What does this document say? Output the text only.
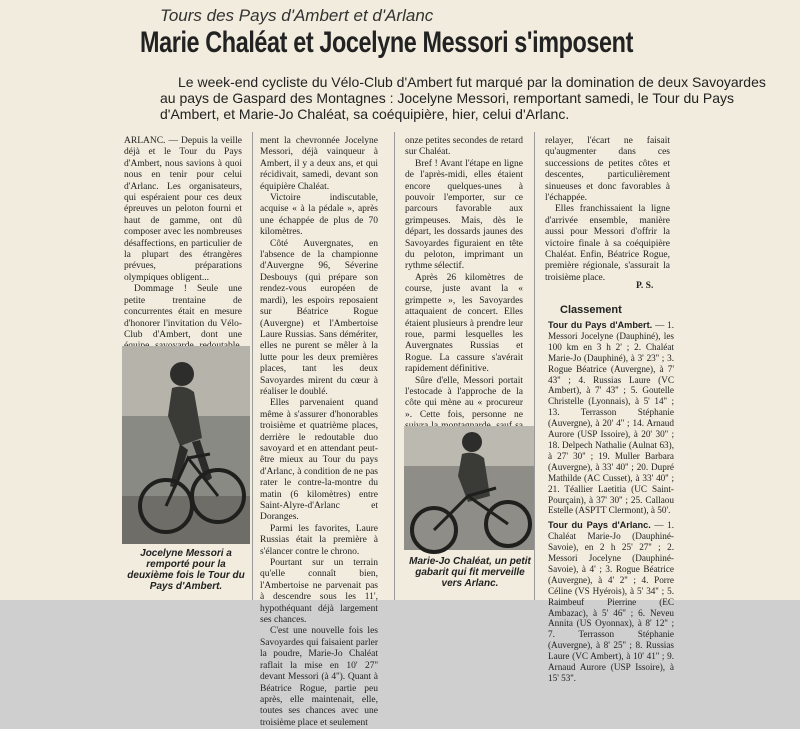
Tours des Pays d'Ambert et d'Arlanc
Marie Chaléat et Jocelyne Messori s'imposent
Le week-end cycliste du Vélo-Club d'Ambert fut marqué par la domination de deux Savoyardes au pays de Gaspard des Montagnes : Jocelyne Messori, remportant samedi, le Tour du Pays d'Ambert, et Marie-Jo Chaléat, sa coéquipière, hier, celui d'Arlanc.

ARLANC. — Depuis la veille déjà et le Tour du Pays d'Ambert, nous savions à quoi nous en tenir pour celui d'Arlanc. Les organisateurs, qui espéraient pour ces deux épreuves un peloton fourni et haut de gamme, ont dû composer avec les nombreuses désaffections, en particulier de la plupart des étrangères prévues, préparations olympiques obligent...

Dommage ! Seule une petite trentaine de concurrentes était en mesure d'honorer l'invitation du Vélo-Club d'Ambert, dont une

ment la chevronnée Jocelyne Messori, déjà vainqueur à Ambert, il y a deux ans, et qui récidivait, samedi, devant son équipière Chaléat.

Victoire indiscutable, acquise « à la pédale », après une échappée de plus de 70 kilomètres.

Côté Auvergnates, en l'absence de la championne d'Auvergne 96, Séverine Desbouys (qui prépare son rendez-vous européen de mardi), les espoirs reposaient sur Béatrice Rogue (Auvergne) et l'Ambertoise Laure Russias. Sans démériter, elles ne purent se mêler à la lutte pour les deux premières places, tant les deux Savoyardes mirent du cœur à réaliser le doublé.

Elles parvenaient quand même à s'assurer d'honorables troisième et quatrième places, derrière le redoutable duo savoyard et en attendant peut-être mieux au Tour du pays d'Arlanc, à condition de ne pas rater le contre-la-montre du matin (6 kilomètres) entre Saint-Alyre-d'Arlanc et Doranges.

Parmi les favorites, Laure Russias était la première à s'élancer contre le chrono.

Pourtant sur un terrain qu'elle connaît bien, l'Ambertoise ne parvenait pas à descendre sous les 11', hypothéquant déjà largement ses chances.

C'est une nouvelle fois les Savoyardes qui faisaient parler la poudre, Marie-Jo Chaléat raflait la mise en 10' 27'' devant Messori (à 4''). Quant à Béatrice Rogue, partie peu après, elle maintenait, elle, toutes ses chances avec une troisième place et seulement

onze petites secondes de retard sur Chaléat.

Bref ! Avant l'étape en ligne de l'après-midi, elles étaient encore quelques-unes à pouvoir l'emporter, sur ce parcours favorable aux grimpeuses. Mais, dès le départ, les dossards jaunes des Savoyardes figuraient en tête du peloton, imprimant un rythme sélectif.

Après 26 kilomètres de course, juste avant la « grimpette », les Savoyardes attaquaient de concert. Elles étaient plusieurs à prendre leur roue, parmi lesquelles les Auvergnates Russias et Rogue. La cassure s'avérait rapidement définitive.

Sûre d'elle, Messori portait l'estocade à l'approche de la côte qui mène au « procureur ». Cette fois, personne ne

relayer, l'écart ne faisait qu'augmenter dans ces successions de petites côtes et descentes, particulièrement sinueuses et donc favorables à l'échappée.

Elles franchissaient la ligne d'arrivée ensemble, manière aussi pour Messori d'offrir la victoire finale à sa coéquipière Chaléat. Enfin, Béatrice Rogue, première régionale, s'assurait la troisième place.

P. S.
Jocelyne Messori a remporté pour la deuxième fois le Tour du Pays d'Ambert.
Marie-Jo Chaléat, un petit gabarit qui fit merveille vers Arlanc.
Classement

Tour du Pays d'Ambert. — 1. Messori Jocelyne (Dauphiné), les 100 km en 3 h 2' ; 2. Chaléat Marie-Jo (Dauphiné), à 3' 23'' ; 3. Rogue Béatrice (Auvergne), à 7' 43'' ; 4. Russias Laure (VC Ambert), à 7' 43'' ; 5. Goutelle Christelle (Lyonnais), à 5' 14'' ; 13. Terrasson Stéphanie (Auvergne), à 20' 4'' ; 14. Arnaud Aurore (USP Issoire), à 20' 30'' ; 18. Delpech Nathalie (Aulnat 63), à 27' 30'' ; 19. Muller Barbara (Auvergne), à 33' 40'' ; 20. Dupré Mathilde (AC Cusset), à 33' 40'' ; 21. Téallier Laetitia (UC Saint-Pourçain), à 37' 30'' ; 25. Callaou Estelle (ASPTT Clermont), à 50'.

Tour du Pays d'Arlanc. — 1. Chaléat Marie-Jo (Dauphiné-Savoie), en 2 h 25' 27'' ; 2. Messori Jocelyne (Dauphiné-Savoie), à 4' ; 3. Rogue Béatrice (Auvergne), à 4' 2'' ; 4. Porre Céline (VS Hyérois), à 5' 34'' ; 5. Raimbeuf Pierrine (EC Ambazac), à 5' 46'' ; 6. Neveu Annita (US Oyonnax), à 8' 12'' ; 7. Terrasson Stéphanie (Auvergne), à 8' 25'' ; 8. Russias Laure (VC Ambert), à 10' 41'' ; 9. Arnaud Aurore (USP Issoire), à 15' 53''.
